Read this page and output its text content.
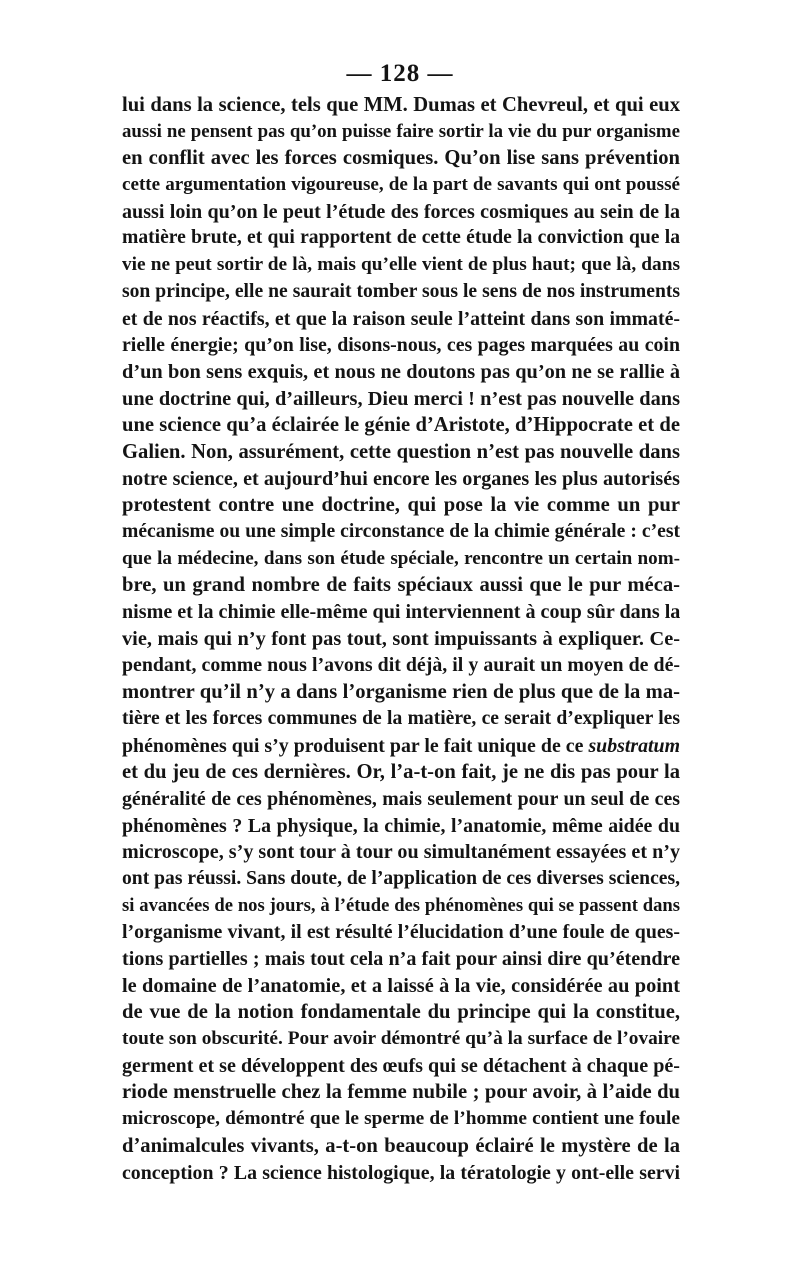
— 128 —
lui dans la science, tels que MM. Dumas et Chevreul, et qui eux
aussi ne pensent pas qu’on puisse faire sortir la vie du pur organisme
en conflit avec les forces cosmiques. Qu’on lise sans prévention
cette argumentation vigoureuse, de la part de savants qui ont poussé
aussi loin qu’on le peut l’étude des forces cosmiques au sein de la
matière brute, et qui rapportent de cette étude la conviction que la
vie ne peut sortir de là, mais qu’elle vient de plus haut; que là, dans
son principe, elle ne saurait tomber sous le sens de nos instruments
et de nos réactifs, et que la raison seule l’atteint dans son immaté-
rielle énergie; qu’on lise, disons-nous, ces pages marquées au coin
d’un bon sens exquis, et nous ne doutons pas qu’on ne se rallie à
une doctrine qui, d’ailleurs, Dieu merci ! n’est pas nouvelle dans
une science qu’a éclairée le génie d’Aristote, d’Hippocrate et de
Galien. Non, assurément, cette question n’est pas nouvelle dans
notre science, et aujourd’hui encore les organes les plus autorisés
protestent contre une doctrine, qui pose la vie comme un pur
mécanisme ou une simple circonstance de la chimie générale : c’est
que la médecine, dans son étude spéciale, rencontre un certain nom-
bre, un grand nombre de faits spéciaux aussi que le pur méca-
nisme et la chimie elle-même qui interviennent à coup sûr dans la
vie, mais qui n’y font pas tout, sont impuissants à expliquer. Ce-
pendant, comme nous l’avons dit déjà, il y aurait un moyen de dé-
montrer qu’il n’y a dans l’organisme rien de plus que de la ma-
tière et les forces communes de la matière, ce serait d’expliquer les
phénomènes qui s’y produisent par le fait unique de ce substratum
et du jeu de ces dernières. Or, l’a-t-on fait, je ne dis pas pour la
généralité de ces phénomènes, mais seulement pour un seul de ces
phénomènes ? La physique, la chimie, l’anatomie, même aidée du
microscope, s’y sont tour à tour ou simultanément essayées et n’y
ont pas réussi. Sans doute, de l’application de ces diverses sciences,
si avancées de nos jours, à l’étude des phénomènes qui se passent dans
l’organisme vivant, il est résulté l’élucidation d’une foule de ques-
tions partielles ; mais tout cela n’a fait pour ainsi dire qu’étendre
le domaine de l’anatomie, et a laissé à la vie, considérée au point
de vue de la notion fondamentale du principe qui la constitue,
toute son obscurité. Pour avoir démontré qu’à la surface de l’ovaire
germent et se développent des œufs qui se détachent à chaque pé-
riode menstruelle chez la femme nubile ; pour avoir, à l’aide du
microscope, démontré que le sperme de l’homme contient une foule
d’animalcules vivants, a-t-on beaucoup éclairé le mystère de la
conception ? La science histologique, la tératologie y ont-elle servi
